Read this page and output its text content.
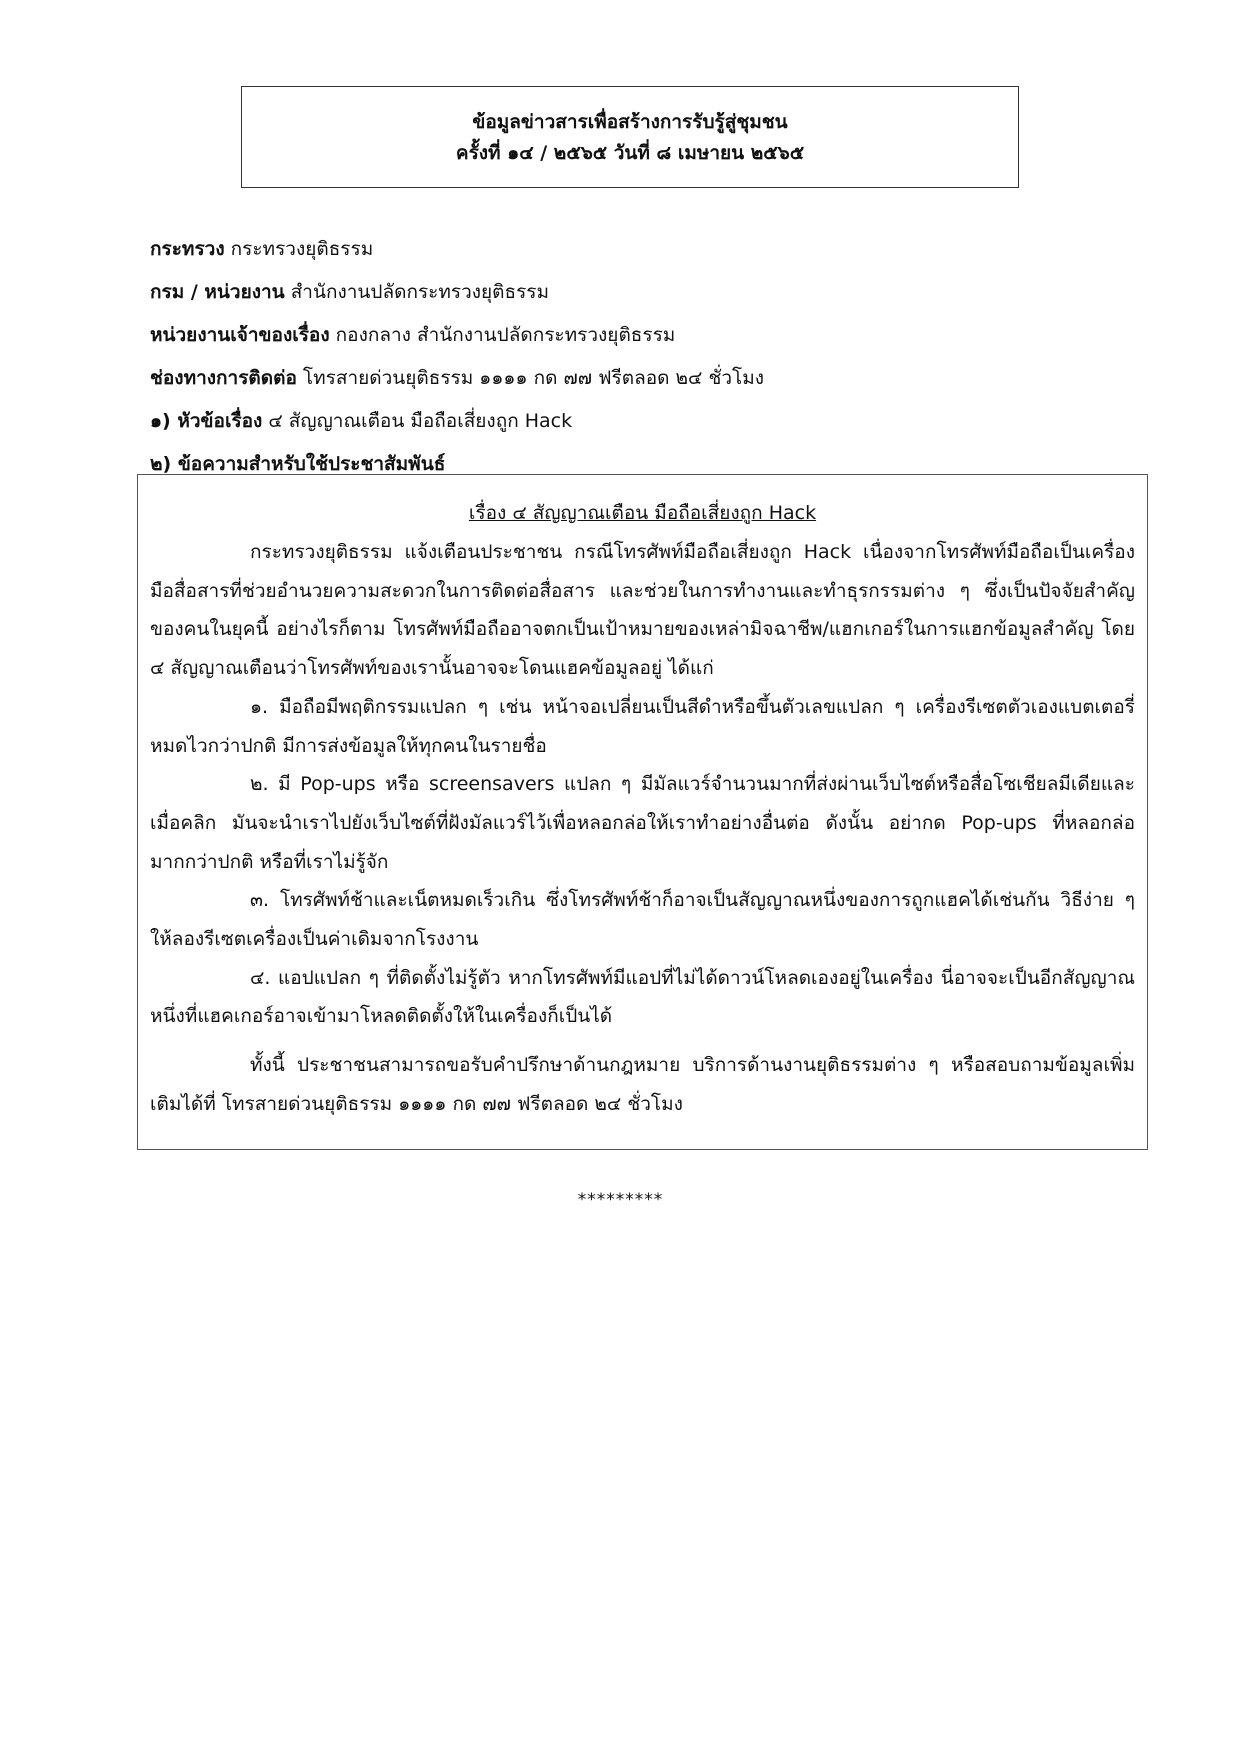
ข้อมูลข่าวสารเพื่อสร้างการรับรู้สู่ชุมชน
ครั้งที่ ๑๔ / ๒๕๖๕ วันที่ ๘ เมษายน ๒๕๖๕
กระทรวง กระทรวงยุติธรรม
กรม / หน่วยงาน สำนักงานปลัดกระทรวงยุติธรรม
หน่วยงานเจ้าของเรื่อง กองกลาง สำนักงานปลัดกระทรวงยุติธรรม
ช่องทางการติดต่อ โทรสายด่วนยุติธรรม ๑๑๑๑ กด ๗๗ ฟรีตลอด ๒๔ ชั่วโมง
๑) หัวข้อเรื่อง ๔ สัญญาณเตือน มือถือเสี่ยงถูก Hack
๒) ข้อความสำหรับใช้ประชาสัมพันธ์
เรื่อง ๔ สัญญาณเตือน มือถือเสี่ยงถูก Hack

กระทรวงยุติธรรม แจ้งเตือนประชาชน กรณีโทรศัพท์มือถือเสี่ยงถูก Hack เนื่องจากโทรศัพท์มือถือเป็นเครื่องมือสื่อสารที่ช่วยอำนวยความสะดวกในการติดต่อสื่อสาร และช่วยในการทำงานและทำธุรกรรมต่าง ๆ ซึ่งเป็นปัจจัยสำคัญของคนในยุคนี้ อย่างไรก็ตาม โทรศัพท์มือถืออาจตกเป็นเป้าหมายของเหล่ามิจฉาชีพ/แฮกเกอร์ในการแฮกข้อมูลสำคัญ โดย ๔ สัญญาณเตือนว่าโทรศัพท์ของเรานั้นอาจจะโดนแฮคข้อมูลอยู่ ได้แก่

๑. มือถือมีพฤติกรรมแปลก ๆ เช่น หน้าจอเปลี่ยนเป็นสีดำหรือขึ้นตัวเลขแปลก ๆ เครื่องรีเซตตัวเองแบตเตอรี่หมดไวกว่าปกติ มีการส่งข้อมูลให้ทุกคนในรายชื่อ

๒. มี Pop-ups หรือ screensavers แปลก ๆ มีมัลแวร์จำนวนมากที่ส่งผ่านเว็บไซต์หรือสื่อโซเชียลมีเดียและเมื่อคลิก มันจะนำเราไปยังเว็บไซต์ที่ฝังมัลแวร์ไว้เพื่อหลอกล่อให้เราทำอย่างอื่นต่อ ดังนั้น อย่ากด Pop-ups ที่หลอกล่อมากกว่าปกติ หรือที่เราไม่รู้จัก

๓. โทรศัพท์ช้าและเน็ตหมดเร็วเกิน ซึ่งโทรศัพท์ช้าก็อาจเป็นสัญญาณหนึ่งของการถูกแฮคได้เช่นกัน วิธีง่าย ๆ ให้ลองรีเซตเครื่องเป็นค่าเดิมจากโรงงาน

๔. แอปแปลก ๆ ที่ติดตั้งไม่รู้ตัว หากโทรศัพท์มีแอปที่ไม่ได้ดาวน์โหลดเองอยู่ในเครื่อง นี่อาจจะเป็นอีกสัญญาณหนึ่งที่แฮคเกอร์อาจเข้ามาโหลดติดตั้งให้ในเครื่องก็เป็นได้

ทั้งนี้ ประชาชนสามารถขอรับคำปรึกษาด้านกฎหมาย บริการด้านงานยุติธรรมต่าง ๆ หรือสอบถามข้อมูลเพิ่มเติมได้ที่ โทรสายด่วนยุติธรรม ๑๑๑๑ กด ๗๗ ฟรีตลอด ๒๔ ชั่วโมง

*********
